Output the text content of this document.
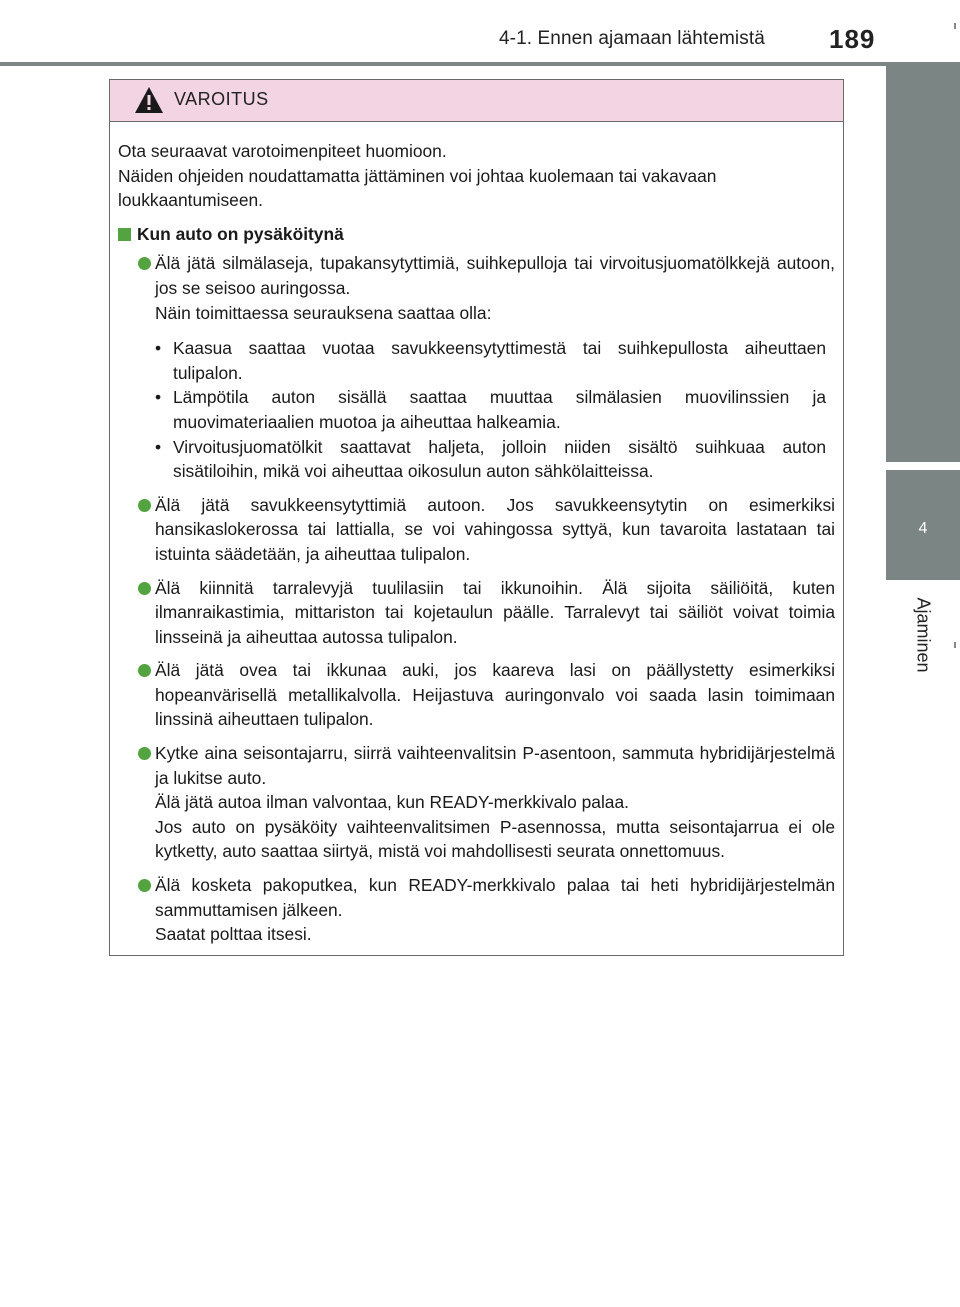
4-1. Ennen ajamaan lähtemistä 189
4
Ajaminen
VAROITUS

Ota seuraavat varotoimenpiteet huomioon.

Näiden ohjeiden noudattamatta jättäminen voi johtaa kuolemaan tai vakavaan loukkaantumiseen.

Kun auto on pysäköitynä

Älä jätä silmälaseja, tupakansytyttimiä, suihkepulloja tai virvoitusjuomatölkkejä autoon, jos se seisoo auringossa.

Näin toimittaessa seurauksena saattaa olla:

• Kaasua saattaa vuotaa savukkeensytyttimestä tai suihkepullosta aiheuttaen tulipalon.
• Lämpötila auton sisällä saattaa muuttaa silmälasien muovilinssien ja muovimateriaalien muotoa ja aiheuttaa halkeamia.
• Virvoitusjuomatölkit saattavat haljeta, jolloin niiden sisältö suihkuaa auton sisätiloihin, mikä voi aiheuttaa oikosulun auton sähkölaitteissa.

Älä jätä savukkeensytyttimiä autoon. Jos savukkeensytytin on esimerkiksi hansikaslokerossa tai lattialla, se voi vahingossa syttyä, kun tavaroita lastataan tai istuinta säädetään, ja aiheuttaa tulipalon.

Älä kiinnitä tarralevyjä tuulilasiin tai ikkunoihin. Älä sijoita säiliöitä, kuten ilmanraikastimia, mittariston tai kojetaulun päälle. Tarralevyt tai säiliöt voivat toimia linsseinä ja aiheuttaa autossa tulipalon.

Älä jätä ovea tai ikkunaa auki, jos kaareva lasi on päällystetty esimerkiksi hopeanvärisellä metallikalvolla. Heijastuva auringonvalo voi saada lasin toimimaan linssinä aiheuttaen tulipalon.

Kytke aina seisontajarru, siirrä vaihteenvalitsin P-asentoon, sammuta hybridijärjestelmä ja lukitse auto.

Älä jätä autoa ilman valvontaa, kun READY-merkkivalo palaa.

Jos auto on pysäköity vaihteenvalitsimen P-asennossa, mutta seisontajarrua ei ole kytketty, auto saattaa siirtyä, mistä voi mahdollisesti seurata onnettomuus.

Älä kosketa pakoputkea, kun READY-merkkivalo palaa tai heti hybridijärjestelmän sammuttamisen jälkeen.

Saatat polttaa itsesi.
